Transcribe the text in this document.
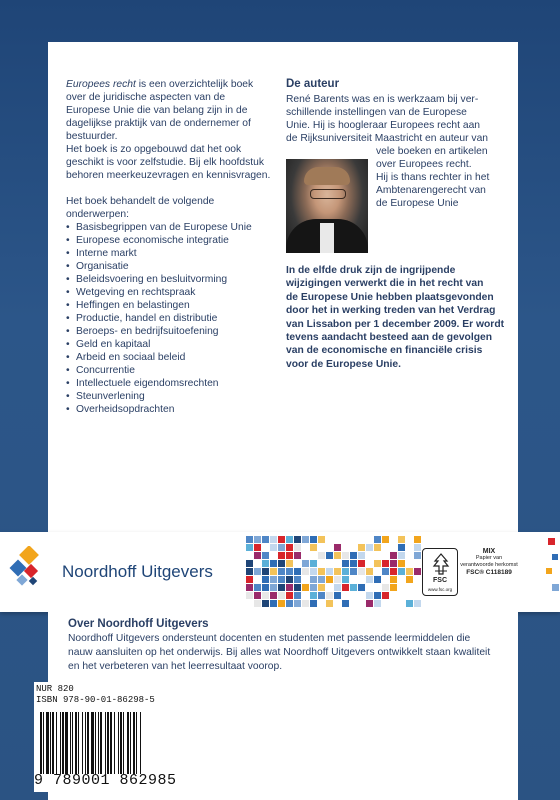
Europees recht is een overzichtelijk boek

over de juridische aspecten van de

Europese Unie die van belang zijn in de

dagelijkse praktijk van de ondernemer of

bestuurder.

Het boek is zo opgebouwd dat het ook

geschikt is voor zelfstudie. Bij elk hoofdstuk

behoren meerkeuzevragen en kennisvragen.

Het boek behandelt de volgende

onderwerpen:

• Basisbegrippen van de Europese Unie
• Europese economische integratie
• Interne markt
• Organisatie
• Beleidsvoering en besluitvorming
• Wetgeving en rechtspraak
• Heffingen en belastingen
• Productie, handel en distributie
• Beroeps- en bedrijfsuitoefening
• Geld en kapitaal
• Arbeid en sociaal beleid
• Concurrentie
• Intellectuele eigendomsrechten
• Steunverlening
• Overheidsopdrachten

De auteur

René Barents was en is werkzaam bij ver-
schillende instellingen van de Europese
Unie. Hij is hoogleraar Europees recht aan
de Rijksuniversiteit Maastricht en auteur van
vele boeken en artikelen
over Europees recht.
Hij is thans rechter in het
Ambtenarengerecht van
de Europese Unie
In de elfde druk zijn de ingrijpende
wijzigingen verwerkt die in het recht van
de Europese Unie hebben plaatsgevonden
door het in werking treden van het Verdrag
van Lissabon per 1 december 2009. Er wordt
tevens aandacht besteed aan de gevolgen
van de economische en financiële crisis
voor de Europese Unie.
Noordhoff Uitgevers	FSC
www.fsc.org
MIX
Papier van
verantwoorde herkomst
FSC® C118189
Over Noordhoff Uitgevers
Noordhoff Uitgevers ondersteunt docenten en studenten met passende leermiddelen die
nauw aansluiten op het onderwijs. Bij alles wat Noordhoff Uitgevers ontwikkelt staan kwaliteit
en het verbeteren van het leerresultaat voorop.
NUR 820
ISBN 978-90-01-86298-5
9 789001 862985
